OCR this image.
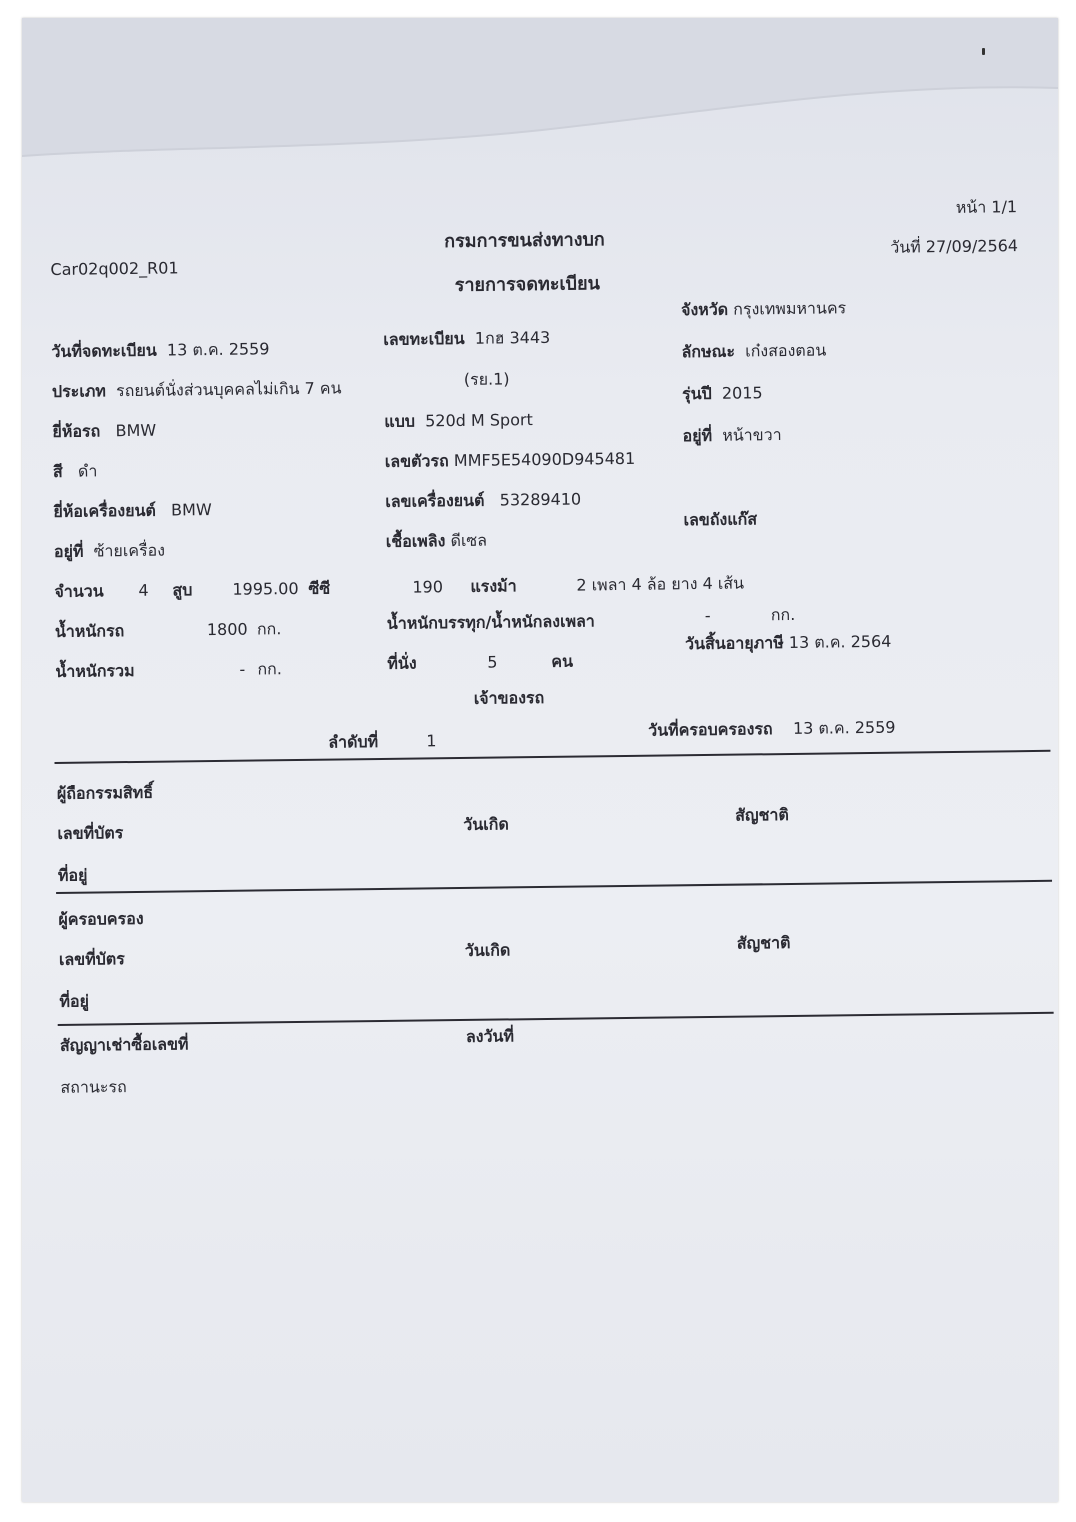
หน้า 1/1
Car02q002_R01
กรมการขนส่งทางบก	วันที่ 27/09/2564
รายการจดทะเบียน
วันที่จดทะเบียน 13 ต.ค. 2559
ประเภท รถยนต์นั่งส่วนบุคคลไม่เกิน 7 คน
ยี่ห้อรถ BMW
สี ดำ
ยี่ห้อเครื่องยนต์ BMW
อยู่ที่ ซ้ายเครื่อง
จำนวน 4 สูบ 1995.00 ซีซี	190 แรงม้า	2 เพลา 4 ล้อ ยาง 4 เส้น
น้ำหนักรถ	1800 กก.
น้ำหนักรวม	- กก.
เลขทะเบียน 1กฮ 3443
(รย.1)
แบบ 520d M Sport
เลขตัวรถ MMF5E54090D945481
เลขเครื่องยนต์ 53289410
เชื้อเพลิง ดีเซล
น้ำหนักบรรทุก/น้ำหนักลงเพลา	-	กก.
ที่นั่ง	5	คน
จังหวัด กรุงเทพมหานคร
ลักษณะ เก๋งสองตอน
รุ่นปี 2015
อยู่ที่ หน้าขวา
เลขถังแก๊ส
วันสิ้นอายุภาษี 13 ต.ค. 2564
เจ้าของรถ
ลำดับที่	1
วันที่ครอบครองรถ 13 ต.ค. 2559
ผู้ถือกรรมสิทธิ์
เลขที่บัตร	วันเกิด	สัญชาติ
ที่อยู่
ผู้ครอบครอง
เลขที่บัตร	วันเกิด	สัญชาติ
ที่อยู่
สัญญาเช่าซื้อเลขที่	ลงวันที่
สถานะรถ
